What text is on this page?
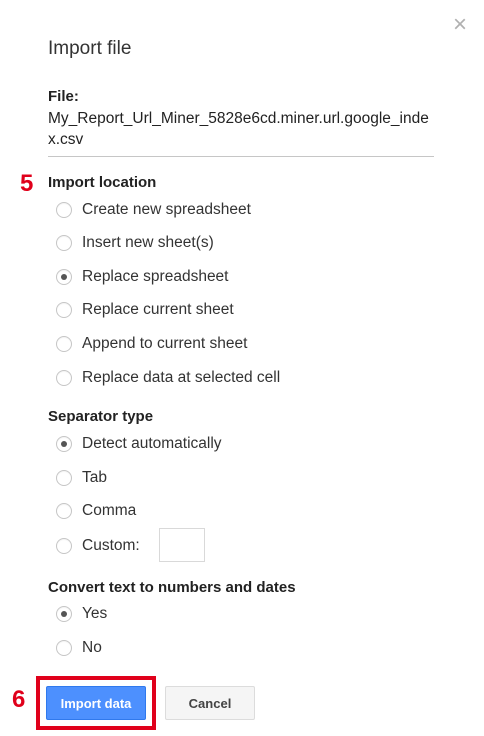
×
Import file
File:
My_Report_Url_Miner_5828e6cd.miner.url.google_index.csv
5 Import location
Create new spreadsheet
Insert new sheet(s)
Replace spreadsheet
Replace current sheet
Append to current sheet
Replace data at selected cell
Separator type
Detect automatically
Tab
Comma
Custom:
Convert text to numbers and dates
Yes
No
6	Import data	Cancel
